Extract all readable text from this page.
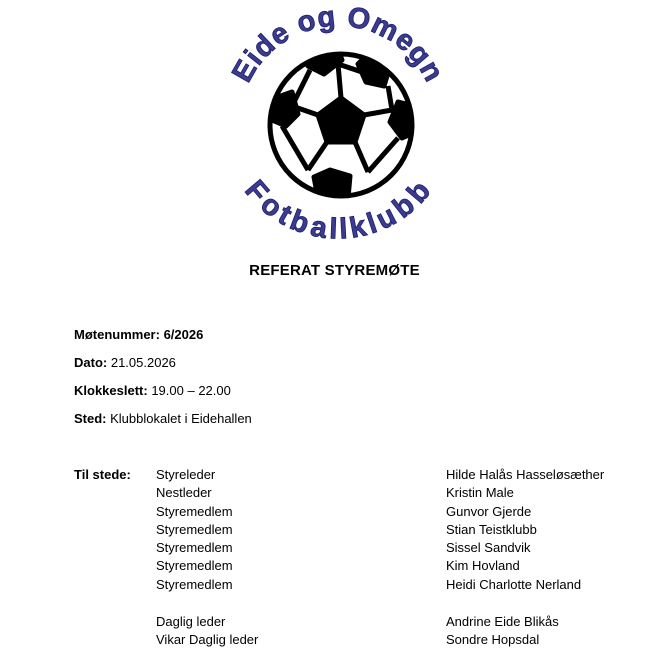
Eide og Omegn
Fotballklubb
REFERAT STYREMØTE
Møtenummer: 6/2026
Dato: 21.05.2026
Klokkeslett: 19.00 – 22.00
Sted: Klubblokalet i Eidehallen
Til stede: Styreleder
Nestleder
Styremedlem
Styremedlem
Styremedlem
Styremedlem
Styremedlem
Hilde Halås Hasseløsæther
Kristin Male
Gunvor Gjerde
Stian Teistklubb
Sissel Sandvik
Kim Hovland
Heidi Charlotte Nerland
Daglig leder
Vikar Daglig leder
Andrine Eide Blikås
Sondre Hopsdal
